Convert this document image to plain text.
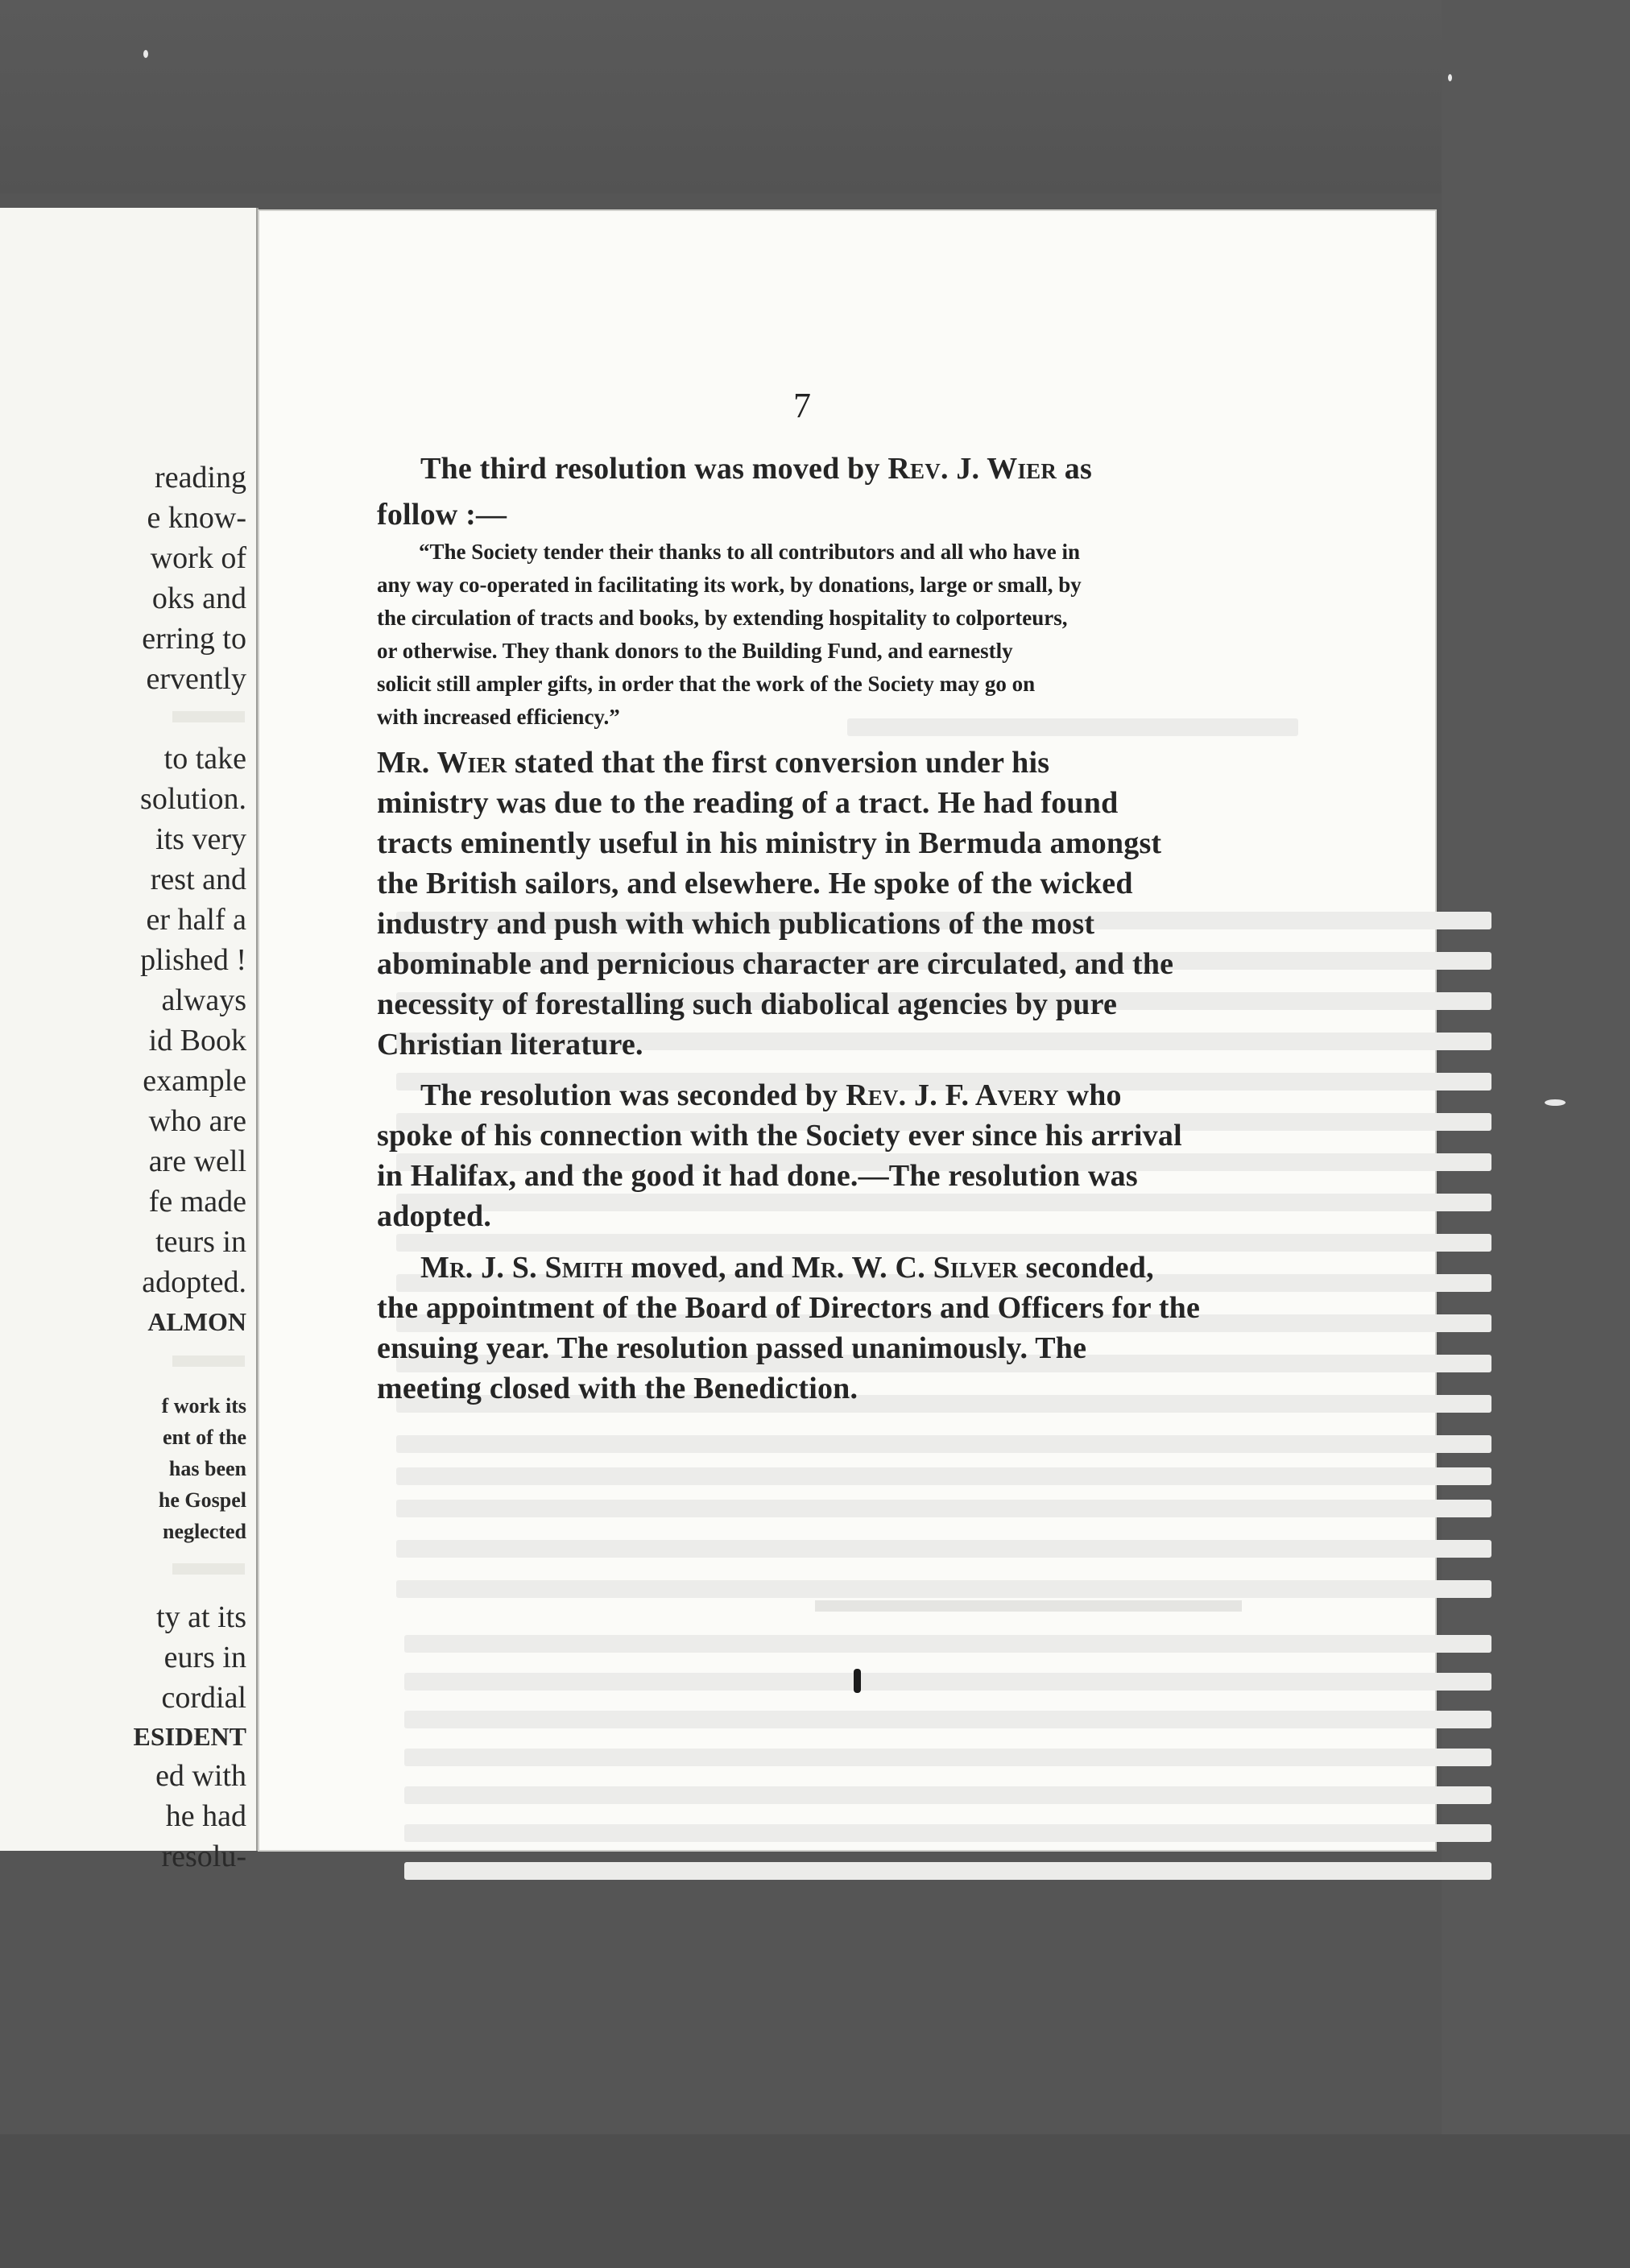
reading
e know-
work of
oks and
erring to
ervently
to take
solution.
its very
rest and
er half a
plished !
always
id Book
example
who are
are well
fe made
teurs in
adopted.
ALMON
f work its
ent of the
has been
he Gospel
neglected
ty at its
eurs in
cordial
ESIDENT
ed with
he had
resolu-
7
The third resolution was moved by Rev. J. Wier as
follow :—
“The Society tender their thanks to all contributors and all who have in
any way co-operated in facilitating its work, by donations, large or small, by
the circulation of tracts and books, by extending hospitality to colporteurs,
or otherwise. They thank donors to the Building Fund, and earnestly
solicit still ampler gifts, in order that the work of the Society may go on
with increased efficiency.”
Mr. Wier stated that the first conversion under his
ministry was due to the reading of a tract. He had found
tracts eminently useful in his ministry in Bermuda amongst
the British sailors, and elsewhere. He spoke of the wicked
industry and push with which publications of the most
abominable and pernicious character are circulated, and the
necessity of forestalling such diabolical agencies by pure
Christian literature.
The resolution was seconded by Rev. J. F. Avery who
spoke of his connection with the Society ever since his arrival
in Halifax, and the good it had done.—The resolution was
adopted.
Mr. J. S. Smith moved, and Mr. W. C. Silver seconded,
the appointment of the Board of Directors and Officers for the
ensuing year. The resolution passed unanimously. The
meeting closed with the Benediction.
